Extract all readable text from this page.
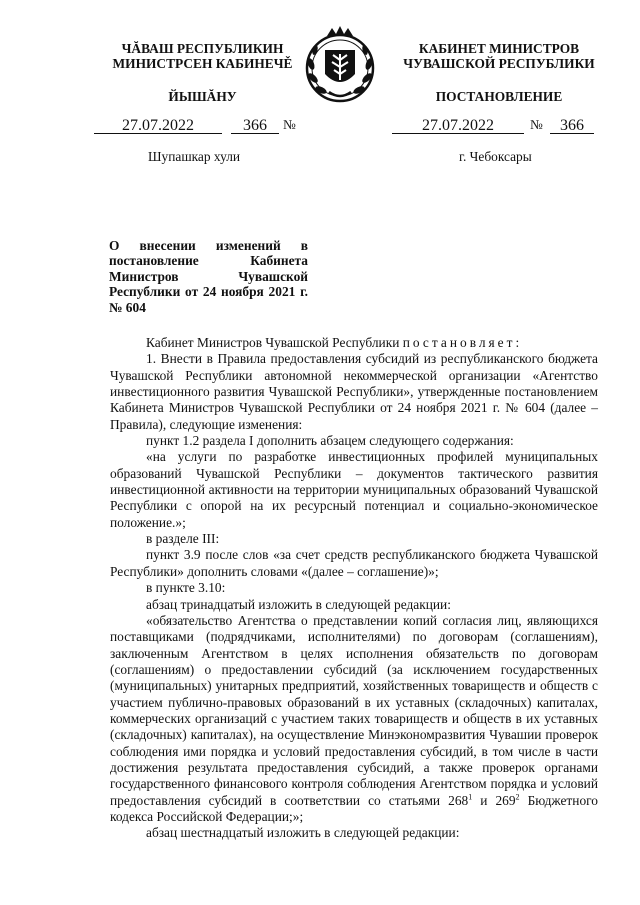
ЧĂВАШ РЕСПУБЛИКИН
МИНИСТРСЕН КАБИНЕЧĚ
КАБИНЕТ МИНИСТРОВ
ЧУВАШСКОЙ РЕСПУБЛИКИ
ЙЫШĂНУ	ПОСТАНОВЛЕНИЕ
27.07.2022	366	№	27.07.2022	№	366
Шупашкар хули	г. Чебоксары
О внесении изменений в постановление Кабинета Министров Чувашской Республики от 24 ноября 2021 г. № 604

Кабинет Министров Чувашской Республики постановляет:

1. Внести в Правила предоставления субсидий из республиканского бюджета Чувашской Республики автономной некоммерческой организации «Агентство инвестиционного развития Чувашской Республики», утвержденные постановлением Кабинета Министров Чувашской Республики от 24 ноября 2021 г. № 604 (далее – Правила), следующие изменения:

пункт 1.2 раздела I дополнить абзацем следующего содержания:

«на услуги по разработке инвестиционных профилей муниципальных образований Чувашской Республики – документов тактического развития инвестиционной активности на территории муниципальных образований Чувашской Республики с опорой на их ресурсный потенциал и социально-экономическое положение.»;

в разделе III:

пункт 3.9 после слов «за счет средств республиканского бюджета Чувашской Республики» дополнить словами «(далее – соглашение)»;

в пункте 3.10:

абзац тринадцатый изложить в следующей редакции:

«обязательство Агентства о представлении копий согласия лиц, являющихся поставщиками (подрядчиками, исполнителями) по договорам (соглашениям), заключенным Агентством в целях исполнения обязательств по договорам (соглашениям) о предоставлении субсидий (за исключением государственных (муниципальных) унитарных предприятий, хозяйственных товариществ и обществ с участием публично-правовых образований в их уставных (складочных) капиталах, коммерческих организаций с участием таких товариществ и обществ в их уставных (складочных) капиталах), на осуществление Минэкономразвития Чувашии проверок соблюдения ими порядка и условий предоставления субсидий, в том числе в части достижения результата предоставления субсидий, а также проверок органами государственного финансового контроля соблюдения Агентством порядка и условий предоставления субсидий в соответствии со статьями $268^1$ и $269^2$ Бюджетного кодекса Российской Федерации;»;

абзац шестнадцатый изложить в следующей редакции:
